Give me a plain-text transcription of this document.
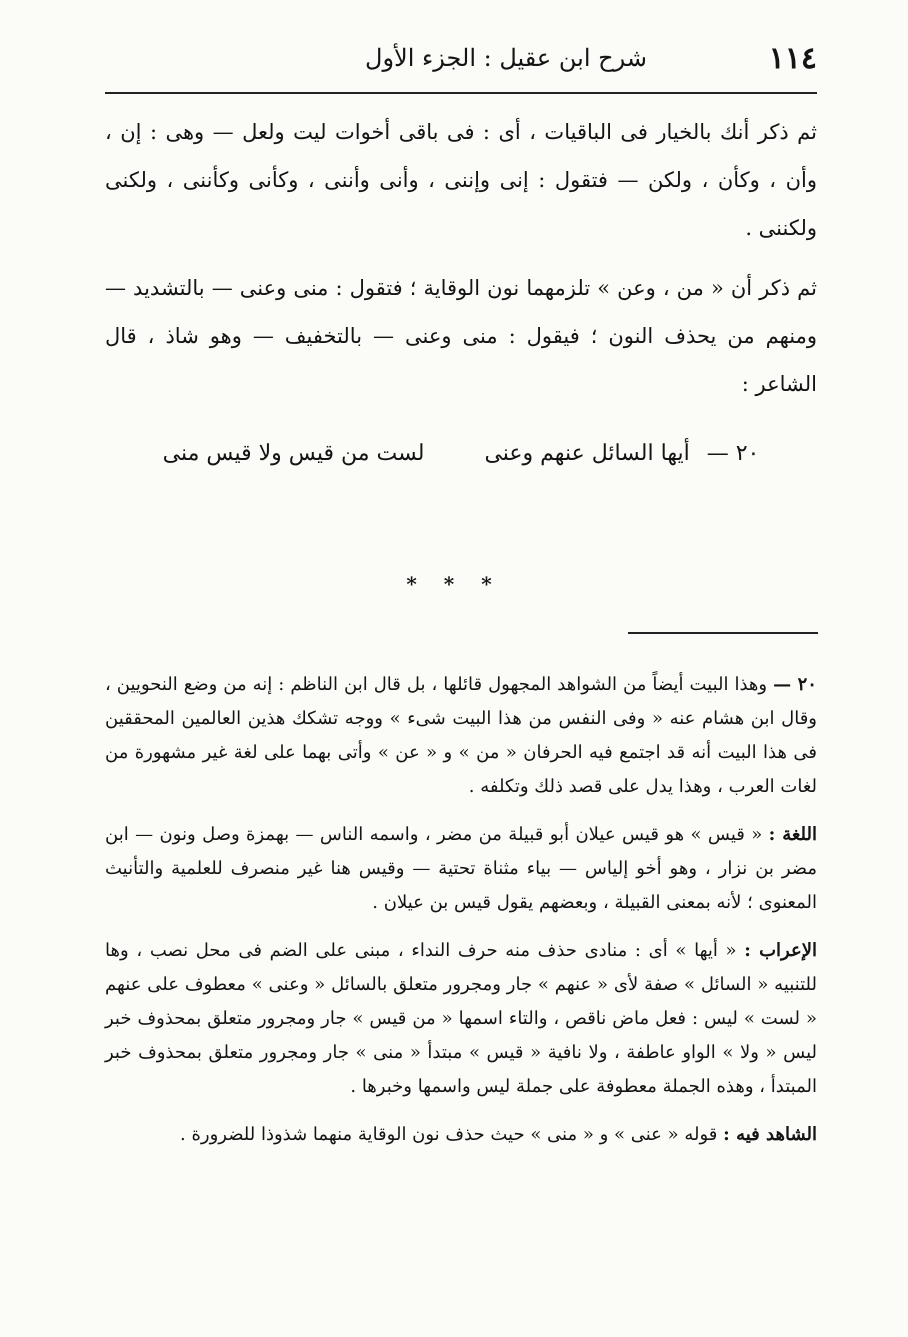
١١٤
شرح ابن عقيل : الجزء الأول

ثم ذكر أنك بالخيار فى الباقيات ، أى : فى باقى أخوات ليت ولعل — وهى : إن ، وأن ، وكأن ، ولكن — فتقول : إنى وإننى ، وأنى وأننى ، وكأنى وكأننى ، ولكنى ولكننى .

ثم ذكر أن « من ، وعن » تلزمهما نون الوقاية ؛ فتقول : منى وعنى — بالتشديد — ومنهم من يحذف النون ؛ فيقول : منى وعنى — بالتخفيف — وهو شاذ ، قال الشاعر :

٢٠ — أيها السائل عنهم وعنى
لست من قيس ولا قيس منى
* * *

٢٠ — وهذا البيت أيضاً من الشواهد المجهول قائلها ، بل قال ابن الناظم : إنه من وضع النحويين ، وقال ابن هشام عنه « وفى النفس من هذا البيت شىء » ووجه تشكك هذين العالمين المحققين فى هذا البيت أنه قد اجتمع فيه الحرفان « من » و « عن » وأتى بهما على لغة غير مشهورة من لغات العرب ، وهذا يدل على قصد ذلك وتكلفه .

اللغة : « قيس » هو قيس عيلان أبو قبيلة من مضر ، واسمه الناس — بهمزة وصل ونون — ابن مضر بن نزار ، وهو أخو إلياس — بياء مثناة تحتية — وقيس هنا غير منصرف للعلمية والتأنيث المعنوى ؛ لأنه بمعنى القبيلة ، وبعضهم يقول قيس بن عيلان .

الإعراب : « أيها » أى : منادى حذف منه حرف النداء ، مبنى على الضم فى محل نصب ، وها للتنبيه « السائل » صفة لأى « عنهم » جار ومجرور متعلق بالسائل « وعنى » معطوف على عنهم « لست » ليس : فعل ماض ناقص ، والتاء اسمها « من قيس » جار ومجرور متعلق بمحذوف خبر ليس « ولا » الواو عاطفة ، ولا نافية « قيس » مبتدأ « منى » جار ومجرور متعلق بمحذوف خبر المبتدأ ، وهذه الجملة معطوفة على جملة ليس واسمها وخبرها .

الشاهد فيه : قوله « عنى » و « منى » حيث حذف نون الوقاية منهما شذوذا للضرورة .
